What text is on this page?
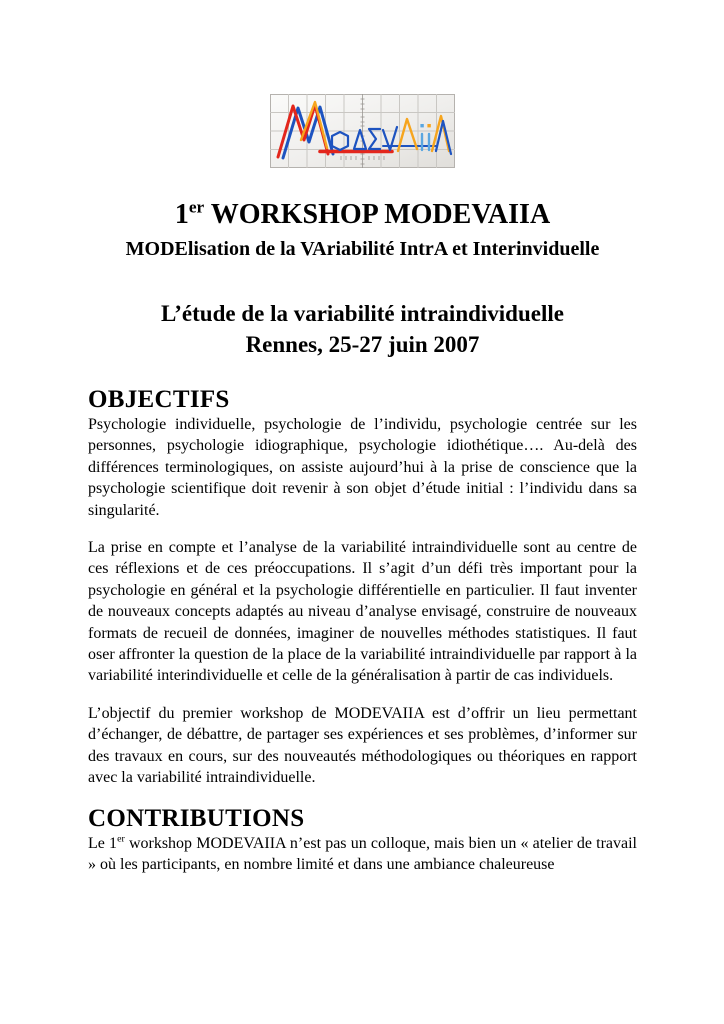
1er WORKSHOP MODEVAIIA
MODElisation de la VAriabilité IntrA et Interinviduelle
L’étude de la variabilité intraindividuelle
Rennes, 25-27 juin 2007
OBJECTIFS

Psychologie individuelle, psychologie de l’individu, psychologie centrée sur les personnes, psychologie idiographique, psychologie idiothétique…. Au-delà des différences terminologiques, on assiste aujourd’hui à la prise de conscience que la psychologie scientifique doit revenir à son objet d’étude initial : l’individu dans sa singularité.

La prise en compte et l’analyse de la variabilité intraindividuelle sont au centre de ces réflexions et de ces préoccupations. Il s’agit d’un défi très important pour la psychologie en général et la psychologie différentielle en particulier. Il faut inventer de nouveaux concepts adaptés au niveau d’analyse envisagé, construire de nouveaux formats de recueil de données, imaginer de nouvelles méthodes statistiques. Il faut oser affronter la question de la place de la variabilité intraindividuelle par rapport à la variabilité interindividuelle et celle de la généralisation à partir de cas individuels.

L’objectif du premier workshop de MODEVAIIA est d’offrir un lieu permettant d’échanger, de débattre, de partager ses expériences et ses problèmes, d’informer sur des travaux en cours, sur des nouveautés méthodologiques ou théoriques en rapport avec la variabilité intraindividuelle.

CONTRIBUTIONS

Le 1er workshop MODEVAIIA n’est pas un colloque, mais bien un « atelier de travail » où les participants, en nombre limité et dans une ambiance chaleureuse
